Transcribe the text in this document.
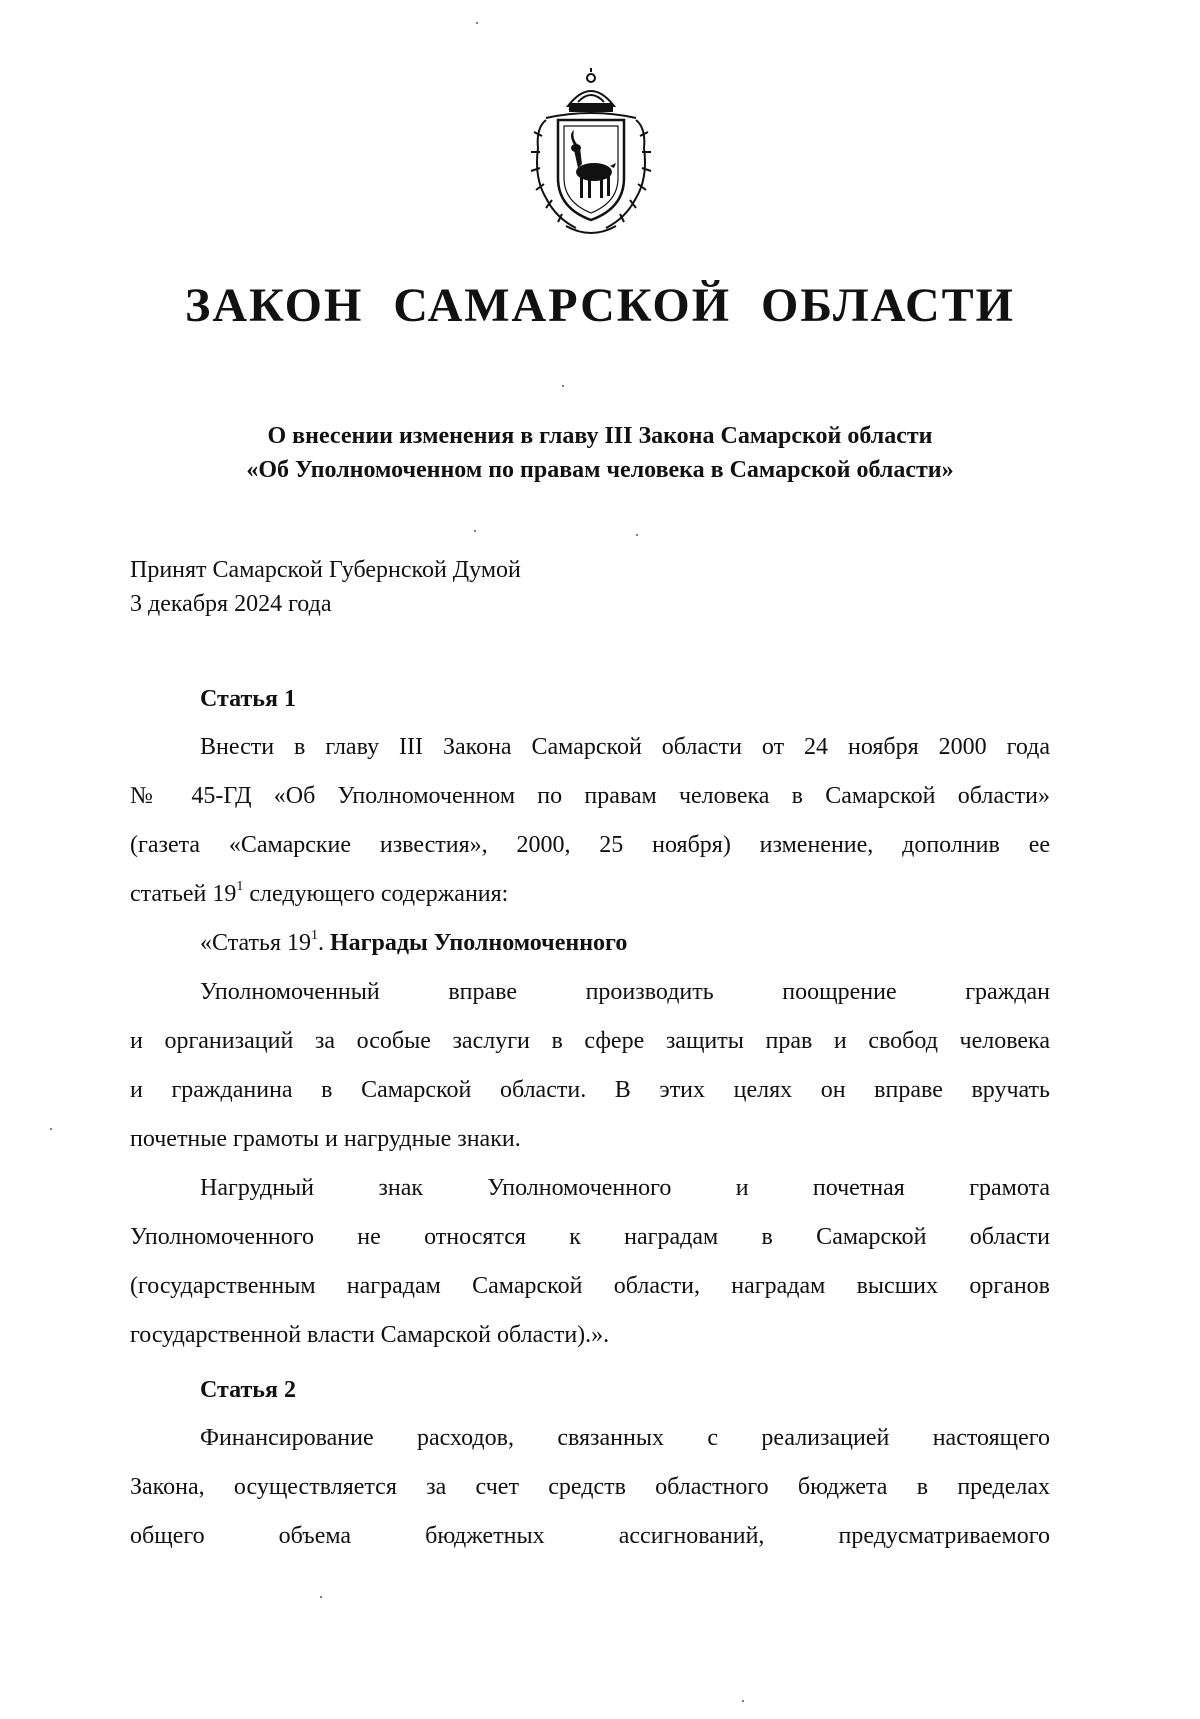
ЗАКОН САМАРСКОЙ ОБЛАСТИ
О внесении изменения в главу III Закона Самарской области
«Об Уполномоченном по правам человека в Самарской области»
Принят Самарской Губернской Думой
3 декабря 2024 года
Статья 1
Внести в главу III Закона Самарской области от 24 ноября 2000 года
№ 45-ГД «Об Уполномоченном по правам человека в Самарской области»
(газета «Самарские известия», 2000, 25 ноября) изменение, дополнив ее
статьей $19^1$ следующего содержания:
«Статья $19^1$. Награды Уполномоченного
Уполномоченный вправе производить поощрение граждан
и организаций за особые заслуги в сфере защиты прав и свобод человека
и гражданина в Самарской области. В этих целях он вправе вручать
почетные грамоты и нагрудные знаки.
Нагрудный знак Уполномоченного и почетная грамота
Уполномоченного не относятся к наградам в Самарской области
(государственным наградам Самарской области, наградам высших органов
государственной власти Самарской области).».
Статья 2
Финансирование расходов, связанных с реализацией настоящего
Закона, осуществляется за счет средств областного бюджета в пределах
общего объема бюджетных ассигнований, предусматриваемого
